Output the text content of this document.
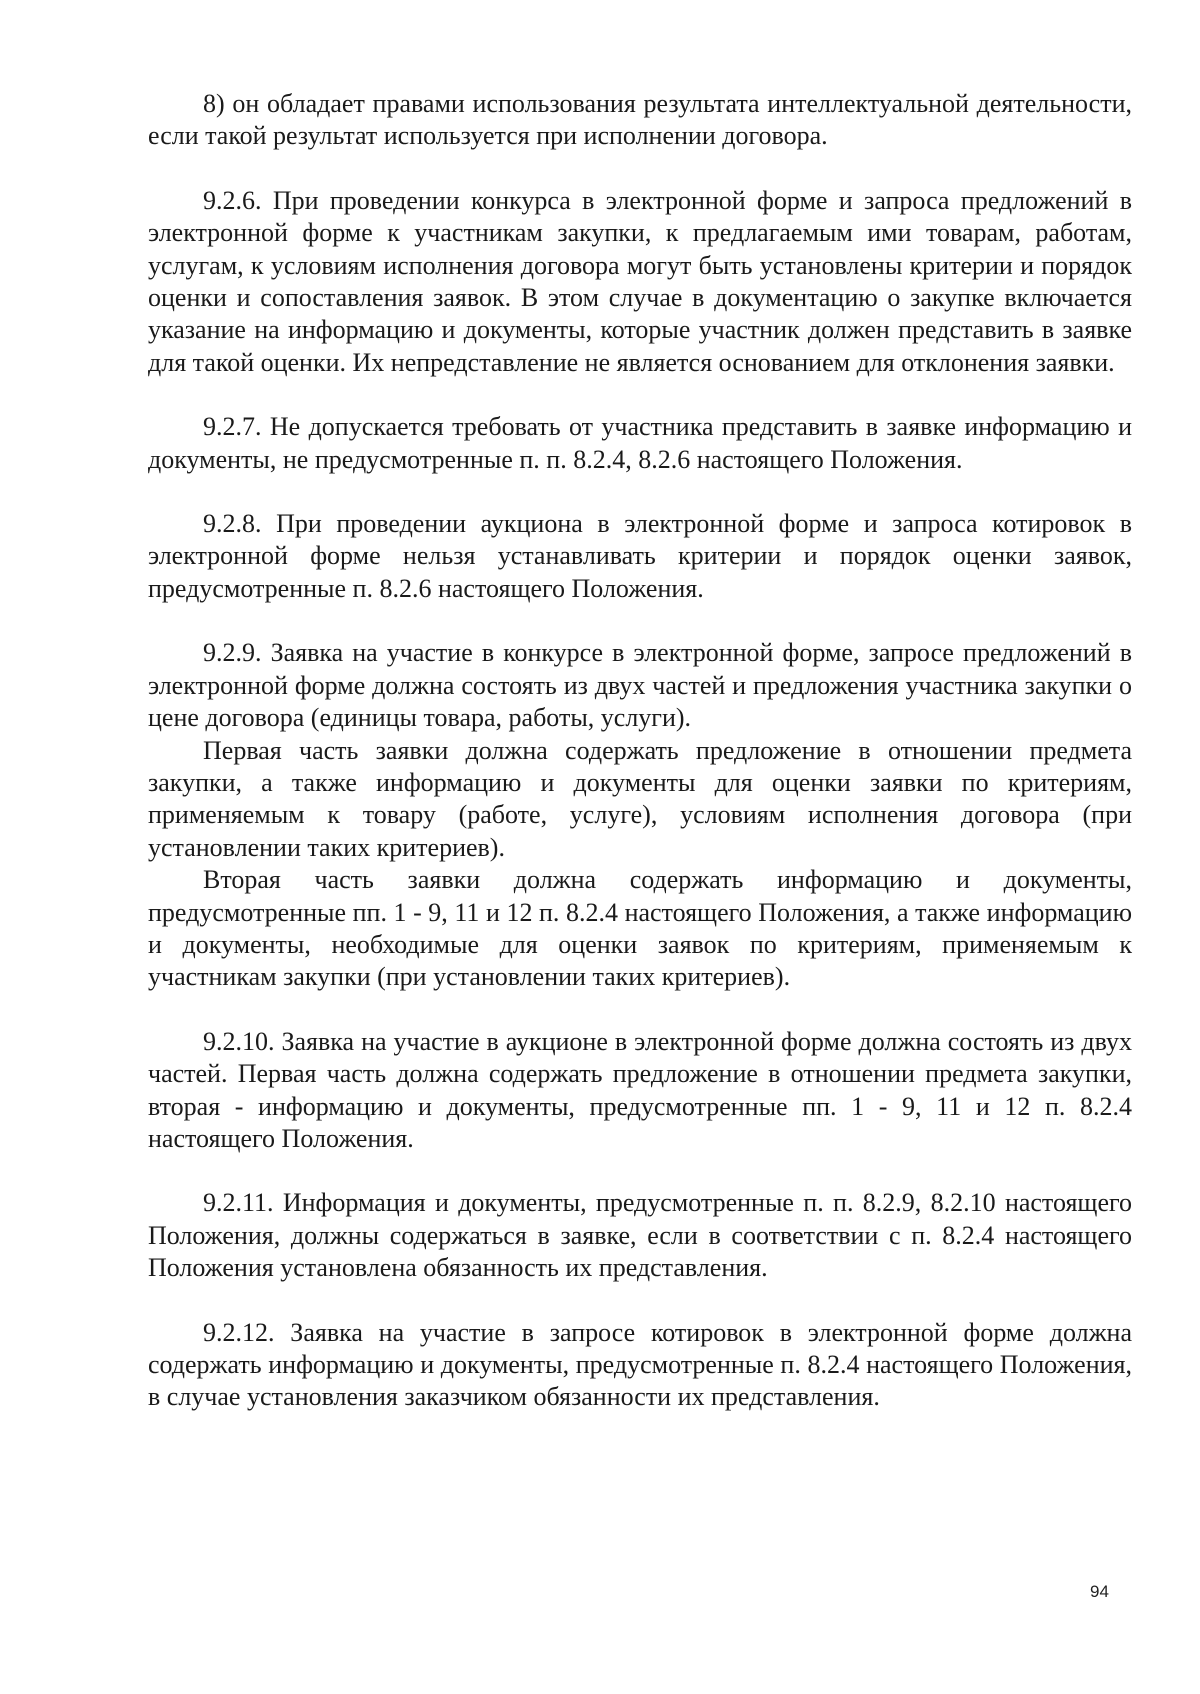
8) он обладает правами использования результата интеллектуальной деятельности, если такой результат используется при исполнении договора.

9.2.6. При проведении конкурса в электронной форме и запроса предложений в электронной форме к участникам закупки, к предлагаемым ими товарам, работам, услугам, к условиям исполнения договора могут быть установлены критерии и порядок оценки и сопоставления заявок. В этом случае в документацию о закупке включается указание на информацию и документы, которые участник должен представить в заявке для такой оценки. Их непредставление не является основанием для отклонения заявки.

9.2.7. Не допускается требовать от участника представить в заявке информацию и документы, не предусмотренные п. п. 8.2.4, 8.2.6 настоящего Положения.

9.2.8. При проведении аукциона в электронной форме и запроса котировок в электронной форме нельзя устанавливать критерии и порядок оценки заявок, предусмотренные п. 8.2.6 настоящего Положения.

9.2.9. Заявка на участие в конкурсе в электронной форме, запросе предложений в электронной форме должна состоять из двух частей и предложения участника закупки о цене договора (единицы товара, работы, услуги).

Первая часть заявки должна содержать предложение в отношении предмета закупки, а также информацию и документы для оценки заявки по критериям, применяемым к товару (работе, услуге), условиям исполнения договора (при установлении таких критериев).

Вторая часть заявки должна содержать информацию и документы, предусмотренные пп. 1 - 9, 11 и 12 п. 8.2.4 настоящего Положения, а также информацию и документы, необходимые для оценки заявок по критериям, применяемым к участникам закупки (при установлении таких критериев).

9.2.10. Заявка на участие в аукционе в электронной форме должна состоять из двух частей. Первая часть должна содержать предложение в отношении предмета закупки, вторая - информацию и документы, предусмотренные пп. 1 - 9, 11 и 12 п. 8.2.4 настоящего Положения.

9.2.11. Информация и документы, предусмотренные п. п. 8.2.9, 8.2.10 настоящего Положения, должны содержаться в заявке, если в соответствии с п. 8.2.4 настоящего Положения установлена обязанность их представления.

9.2.12. Заявка на участие в запросе котировок в электронной форме должна содержать информацию и документы, предусмотренные п. 8.2.4 настоящего Положения, в случае установления заказчиком обязанности их представления.

94
